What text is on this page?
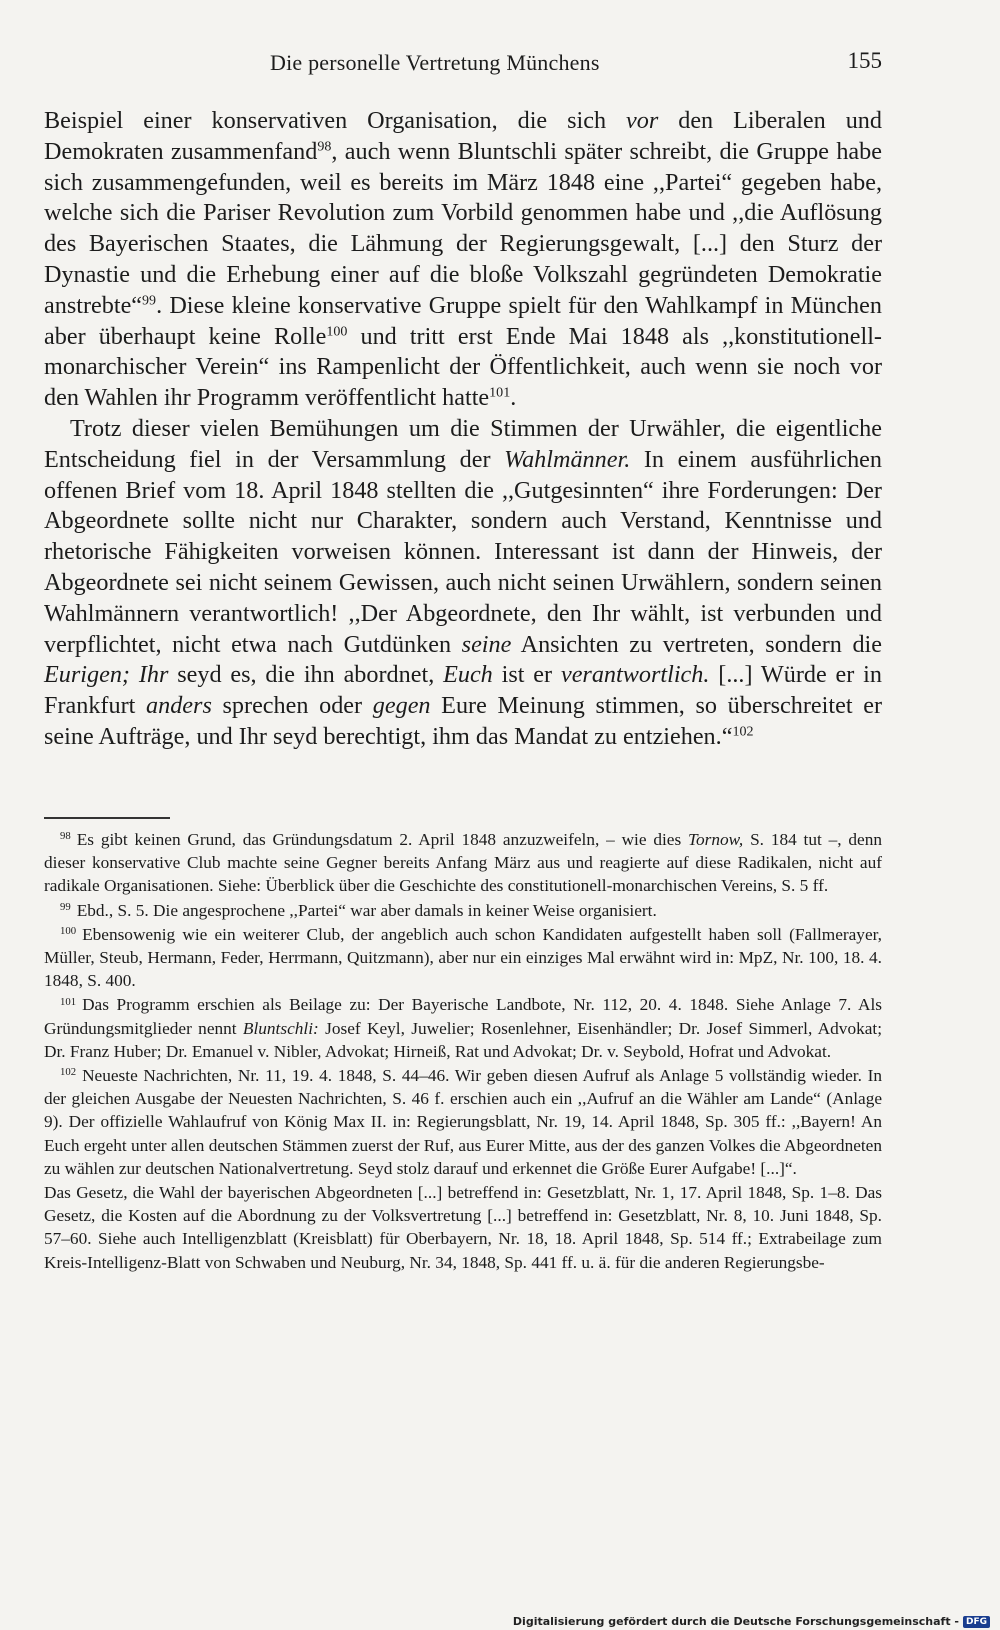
Die personelle Vertretung Münchens	155

Beispiel einer konservativen Organisation, die sich vor den Liberalen und Demokraten zusammenfand$^{98}$, auch wenn Bluntschli später schreibt, die Gruppe habe sich zusammengefunden, weil es bereits im März 1848 eine ,,Partei“ gegeben habe, welche sich die Pariser Revolution zum Vorbild genommen habe und ,,die Auflösung des Bayerischen Staates, die Lähmung der Regierungsgewalt, [...] den Sturz der Dynastie und die Erhebung einer auf die bloße Volkszahl gegründeten Demokratie anstrebte“$^{99}$. Diese kleine konservative Gruppe spielt für den Wahlkampf in München aber überhaupt keine Rolle$^{100}$ und tritt erst Ende Mai 1848 als ,,konstitutionell-monarchischer Verein“ ins Rampenlicht der Öffentlichkeit, auch wenn sie noch vor den Wahlen ihr Programm veröffentlicht hatte$^{101}$.

Trotz dieser vielen Bemühungen um die Stimmen der Urwähler, die eigentliche Entscheidung fiel in der Versammlung der Wahlmänner. In einem ausführlichen offenen Brief vom 18. April 1848 stellten die ,,Gutgesinnten“ ihre Forderungen: Der Abgeordnete sollte nicht nur Charakter, sondern auch Verstand, Kenntnisse und rhetorische Fähigkeiten vorweisen können. Interessant ist dann der Hinweis, der Abgeordnete sei nicht seinem Gewissen, auch nicht seinen Urwählern, sondern seinen Wahlmännern verantwortlich! ,,Der Abgeordnete, den Ihr wählt, ist verbunden und verpflichtet, nicht etwa nach Gutdünken seine Ansichten zu vertreten, sondern die Eurigen; Ihr seyd es, die ihn abordnet, Euch ist er verantwortlich. [...] Würde er in Frankfurt anders sprechen oder gegen Eure Meinung stimmen, so überschreitet er seine Aufträge, und Ihr seyd berechtigt, ihm das Mandat zu entziehen.“$^{102}$

$^{98}$ Es gibt keinen Grund, das Gründungsdatum 2. April 1848 anzuzweifeln, – wie dies Tornow, S. 184 tut –, denn dieser konservative Club machte seine Gegner bereits Anfang März aus und reagierte auf diese Radikalen, nicht auf radikale Organisationen. Siehe: Überblick über die Geschichte des constitutionell-monarchischen Vereins, S. 5 ff.

$^{99}$ Ebd., S. 5. Die angesprochene ,,Partei“ war aber damals in keiner Weise organisiert.

$^{100}$ Ebensowenig wie ein weiterer Club, der angeblich auch schon Kandidaten aufgestellt haben soll (Fallmerayer, Müller, Steub, Hermann, Feder, Herrmann, Quitzmann), aber nur ein einziges Mal erwähnt wird in: MpZ, Nr. 100, 18. 4. 1848, S. 400.

$^{101}$ Das Programm erschien als Beilage zu: Der Bayerische Landbote, Nr. 112, 20. 4. 1848. Siehe Anlage 7. Als Gründungsmitglieder nennt Bluntschli: Josef Keyl, Juwelier; Rosenlehner, Eisenhändler; Dr. Josef Simmerl, Advokat; Dr. Franz Huber; Dr. Emanuel v. Nibler, Advokat; Hirneiß, Rat und Advokat; Dr. v. Seybold, Hofrat und Advokat.

$^{102}$ Neueste Nachrichten, Nr. 11, 19. 4. 1848, S. 44–46. Wir geben diesen Aufruf als Anlage 5 vollständig wieder. In der gleichen Ausgabe der Neuesten Nachrichten, S. 46 f. erschien auch ein ,,Aufruf an die Wähler am Lande“ (Anlage 9). Der offizielle Wahlaufruf von König Max II. in: Regierungsblatt, Nr. 19, 14. April 1848, Sp. 305 ff.: ,,Bayern! An Euch ergeht unter allen deutschen Stämmen zuerst der Ruf, aus Eurer Mitte, aus der des ganzen Volkes die Abgeordneten zu wählen zur deutschen Nationalvertretung. Seyd stolz darauf und erkennet die Größe Eurer Aufgabe! [...]“.

Das Gesetz, die Wahl der bayerischen Abgeordneten [...] betreffend in: Gesetzblatt, Nr. 1, 17. April 1848, Sp. 1–8. Das Gesetz, die Kosten auf die Abordnung zu der Volksvertretung [...] betreffend in: Gesetzblatt, Nr. 8, 10. Juni 1848, Sp. 57–60. Siehe auch Intelligenzblatt (Kreisblatt) für Oberbayern, Nr. 18, 18. April 1848, Sp. 514 ff.; Extrabeilage zum Kreis-Intelligenz-Blatt von Schwaben und Neuburg, Nr. 34, 1848, Sp. 441 ff. u. ä. für die anderen Regierungsbe-

Digitalisierung gefördert durch die Deutsche Forschungsgemeinschaft - DFG
